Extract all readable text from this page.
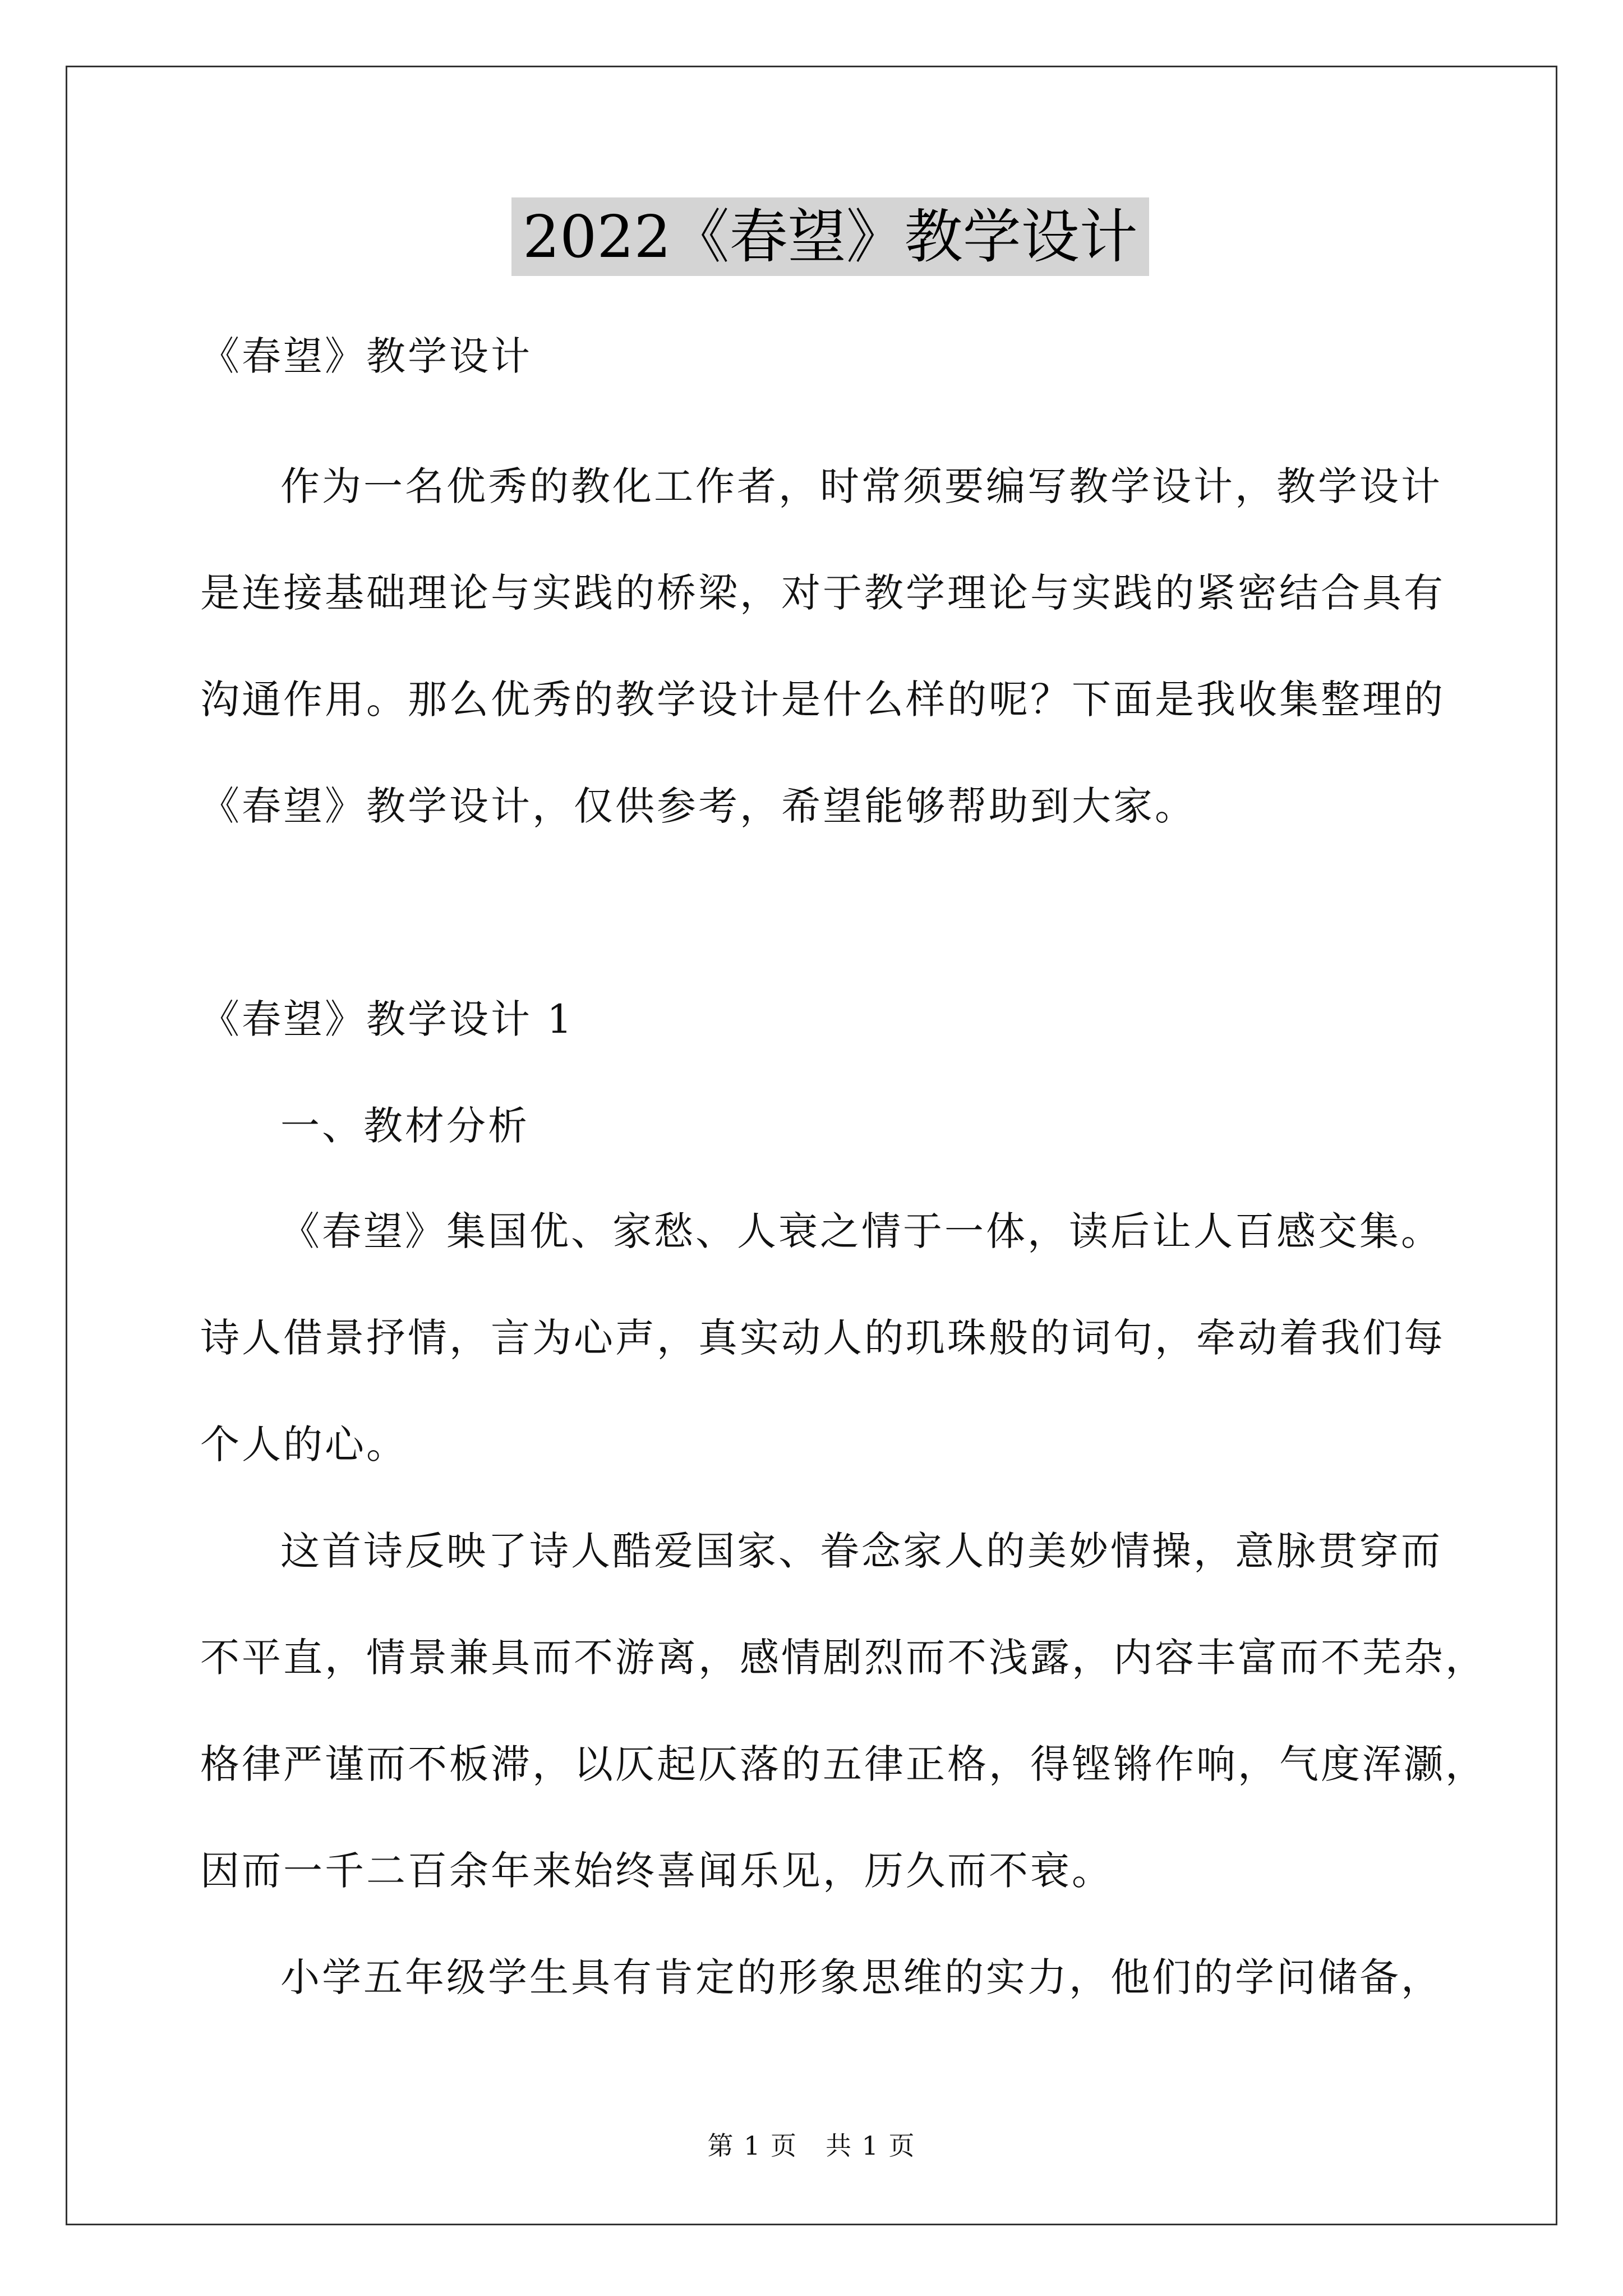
2022《春望》教学设计
《春望》教学设计
作为一名优秀的教化工作者，时常须要编写教学设计，教学设计
是连接基础理论与实践的桥梁，对于教学理论与实践的紧密结合具有
沟通作用。那么优秀的教学设计是什么样的呢？下面是我收集整理的
《春望》教学设计，仅供参考，希望能够帮助到大家。
《春望》教学设计 1
一、教材分析
《春望》集国优、家愁、人衰之情于一体，读后让人百感交集。
诗人借景抒情，言为心声，真实动人的玑珠般的词句，牵动着我们每
个人的心。
这首诗反映了诗人酷爱国家、眷念家人的美妙情操，意脉贯穿而
不平直，情景兼具而不游离，感情剧烈而不浅露，内容丰富而不芜杂，
格律严谨而不板滞，以仄起仄落的五律正格，得铿锵作响，气度浑灏，
因而一千二百余年来始终喜闻乐见，历久而不衰。
小学五年级学生具有肯定的形象思维的实力，他们的学问储备，
第 1 页 共 1 页
